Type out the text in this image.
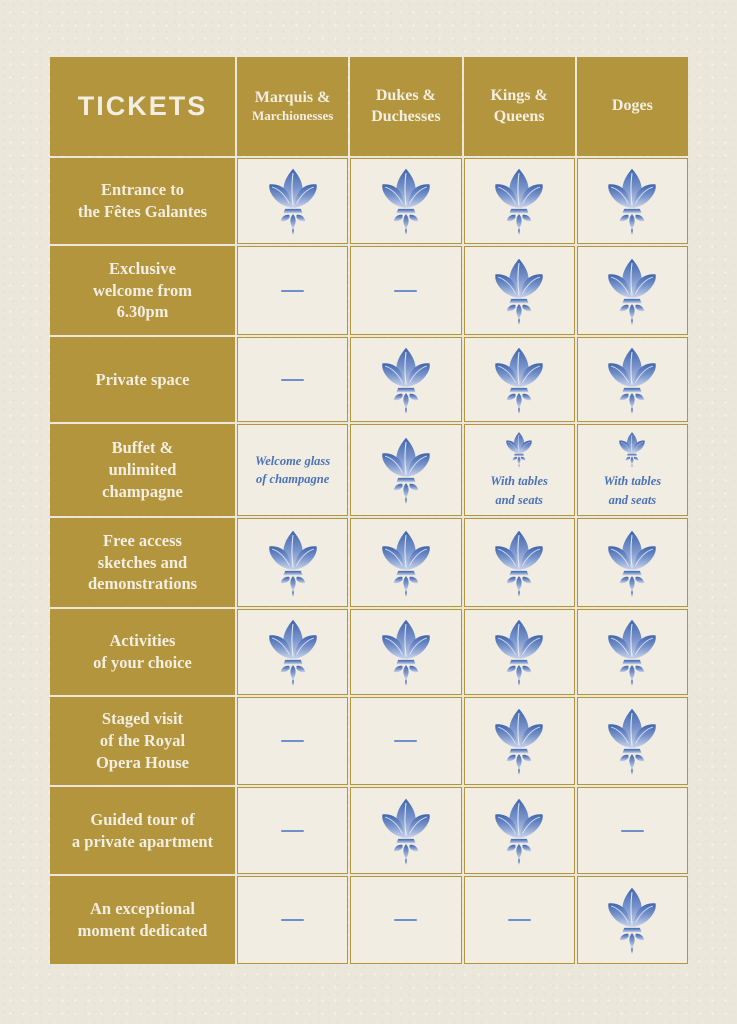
TICKETS	Marquis &
Marchionesses
Dukes &
Duchesses
Kings &
Queens
Doges
Entrance to
the Fêtes Galantes
Exclusive
welcome from
6.30pm
Private space
Buffet &
unlimited
champagne
Welcome glass
of champagne	With tables
and seats
With tables
and seats
Free access
sketches and
demonstrations
Activities
of your choice
Staged visit
of the Royal
Opera House
Guided tour of
a private apartment
An exceptional
moment dedicated
